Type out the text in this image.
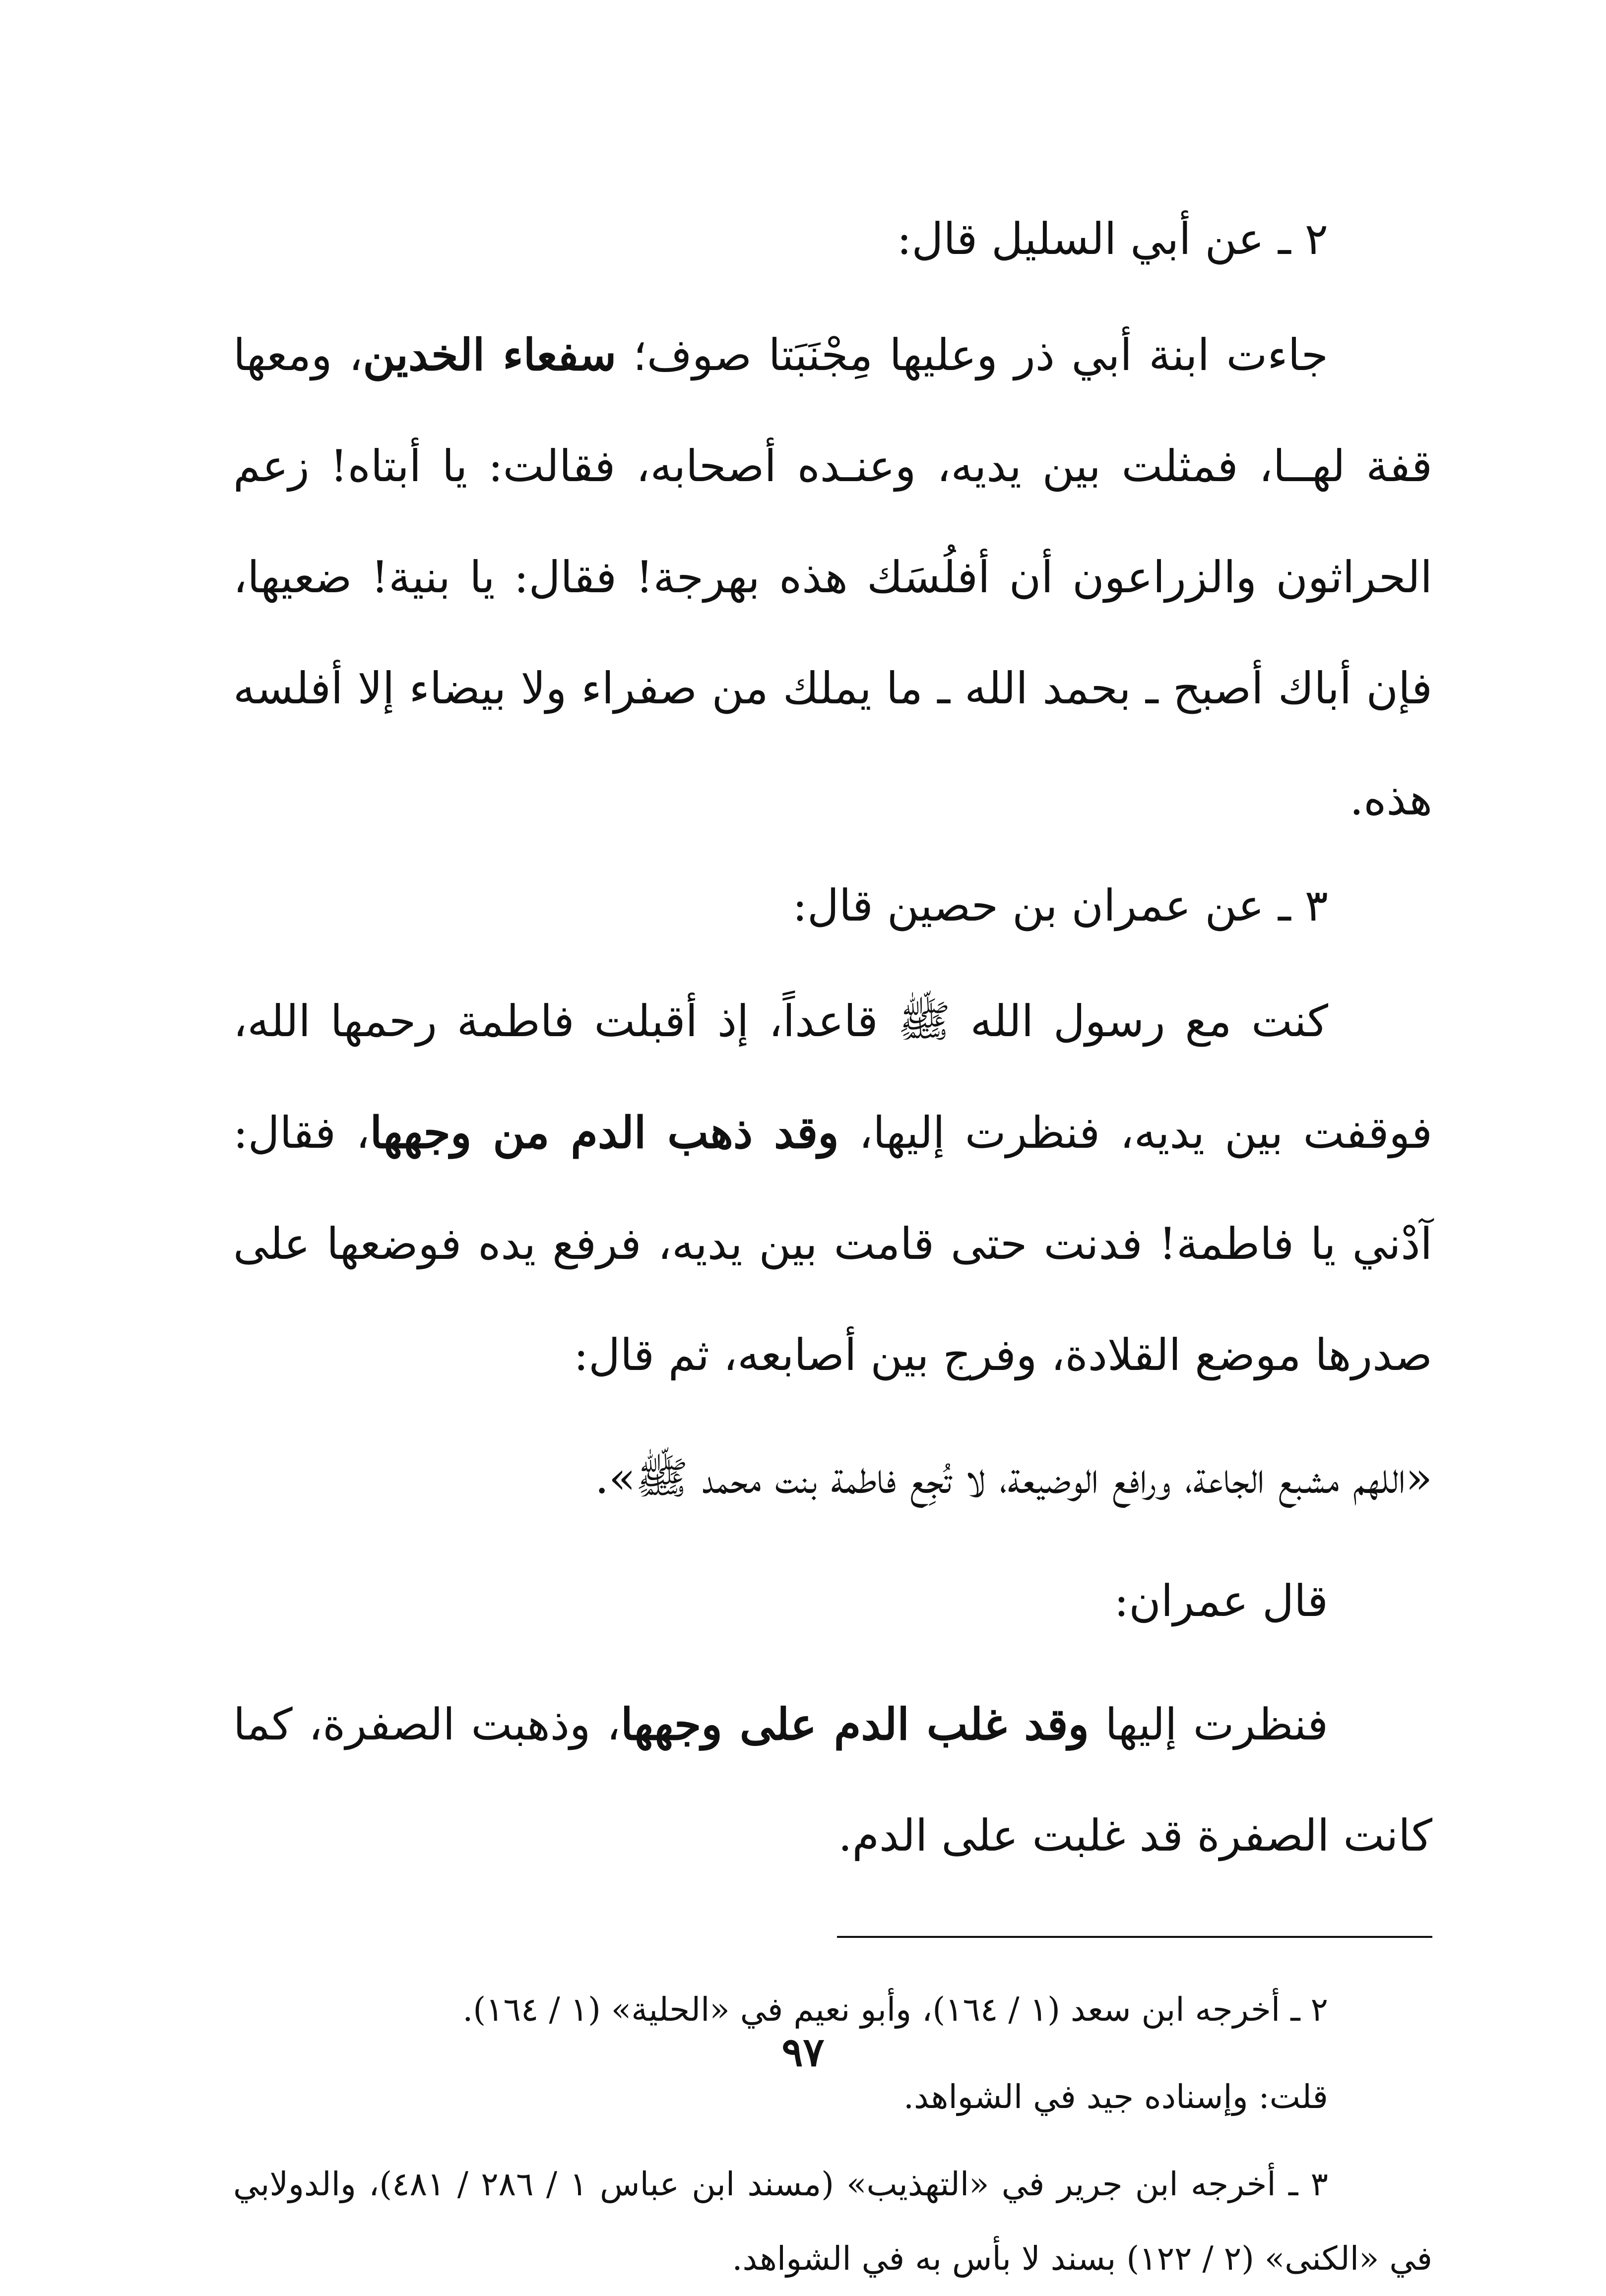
٢ ـ عن أبي السليل قال:

جاءت ابنة أبي ذر وعليها مِجْنَبَتا صوف؛ سفعاء الخدين، ومعها قفة لهــا، فمثلت بين يديه، وعنـده أصحابه، فقالت: يا أبتاه! زعم الحراثون والزراعون أن أفلُسَك هذه بهرجة! فقال: يا بنية! ضعيها، فإن أباك أصبح ـ بحمد الله ـ ما يملك من صفراء ولا بيضاء إلا أفلسه هذه.

٣ ـ عن عمران بن حصين قال:

كنت مع رسول الله ﷺ قاعداً، إذ أقبلت فاطمة رحمها الله، فوقفت بين يديه، فنظرت إليها، وقد ذهب الدم من وجهها، فقال: آدْني يا فاطمة! فدنت حتى قامت بين يديه، فرفع يده فوضعها على صدرها موضع القلادة، وفرج بين أصابعه، ثم قال:

«اللهم مشبع الجاعة، ورافع الوضيعة، لا تُجِع فاطمة بنت محمد ﷺ».

قال عمران:

فنظرت إليها وقد غلب الدم على وجهها، وذهبت الصفرة، كما كانت الصفرة قد غلبت على الدم.

٢ ـ أخرجه ابن سعد (١ / ١٦٤)، وأبو نعيم في «الحلية» (١ / ١٦٤).

قلت: وإسناده جيد في الشواهد.

٣ ـ أخرجه ابن جرير في «التهذيب» (مسند ابن عباس ١ / ٢٨٦ / ٤٨١)، والدولابي في «الكنى» (٢ / ١٢٢) بسند لا بأس به في الشواهد.

٩٧
